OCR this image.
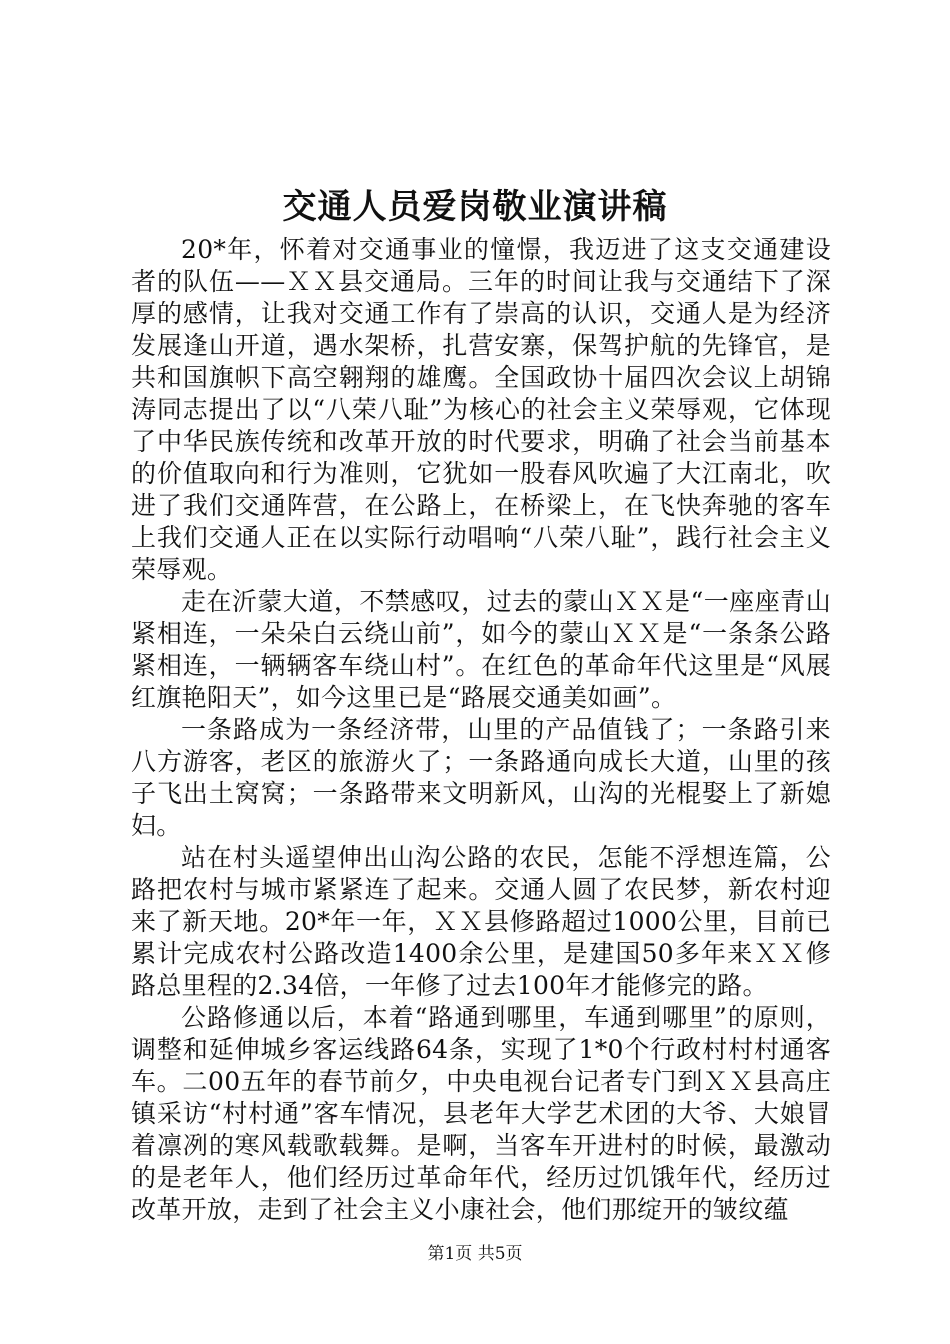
交通人员爱岗敬业演讲稿

20*年，怀着对交通事业的憧憬，我迈进了这支交通建设者的队伍——ＸＸ县交通局。三年的时间让我与交通结下了深厚的感情，让我对交通工作有了崇高的认识，交通人是为经济发展逢山开道，遇水架桥，扎营安寨，保驾护航的先锋官，是共和国旗帜下高空翱翔的雄鹰。全国政协十届四次会议上胡锦涛同志提出了以“八荣八耻”为核心的社会主义荣辱观，它体现了中华民族传统和改革开放的时代要求，明确了社会当前基本的价值取向和行为准则，它犹如一股春风吹遍了大江南北，吹进了我们交通阵营，在公路上，在桥梁上，在飞快奔驰的客车上我们交通人正在以实际行动唱响“八荣八耻”，践行社会主义荣辱观。

走在沂蒙大道，不禁感叹，过去的蒙山ＸＸ是“一座座青山紧相连，一朵朵白云绕山前”，如今的蒙山ＸＸ是“一条条公路紧相连，一辆辆客车绕山村”。在红色的革命年代这里是“风展红旗艳阳天”，如今这里已是“路展交通美如画”。

一条路成为一条经济带，山里的产品值钱了；一条路引来八方游客，老区的旅游火了；一条路通向成长大道，山里的孩子飞出土窝窝；一条路带来文明新风，山沟的光棍娶上了新媳妇。

站在村头遥望伸出山沟公路的农民，怎能不浮想连篇，公路把农村与城市紧紧连了起来。交通人圆了农民梦，新农村迎来了新天地。20*年一年，ＸＸ县修路超过1000公里，目前已累计完成农村公路改造1400余公里，是建国50多年来ＸＸ修路总里程的2.34倍，一年修了过去100年才能修完的路。

公路修通以后，本着“路通到哪里，车通到哪里”的原则，调整和延伸城乡客运线路64条，实现了1*0个行政村村村通客车。二00五年的春节前夕，中央电视台记者专门到ＸＸ县高庄镇采访“村村通”客车情况，县老年大学艺术团的大爷、大娘冒着凛冽的寒风载歌载舞。是啊，当客车开进村的时候，最激动的是老年人，他们经历过革命年代，经历过饥饿年代，经历过改革开放，走到了社会主义小康社会，他们那绽开的皱纹蕴

第1页 共5页
